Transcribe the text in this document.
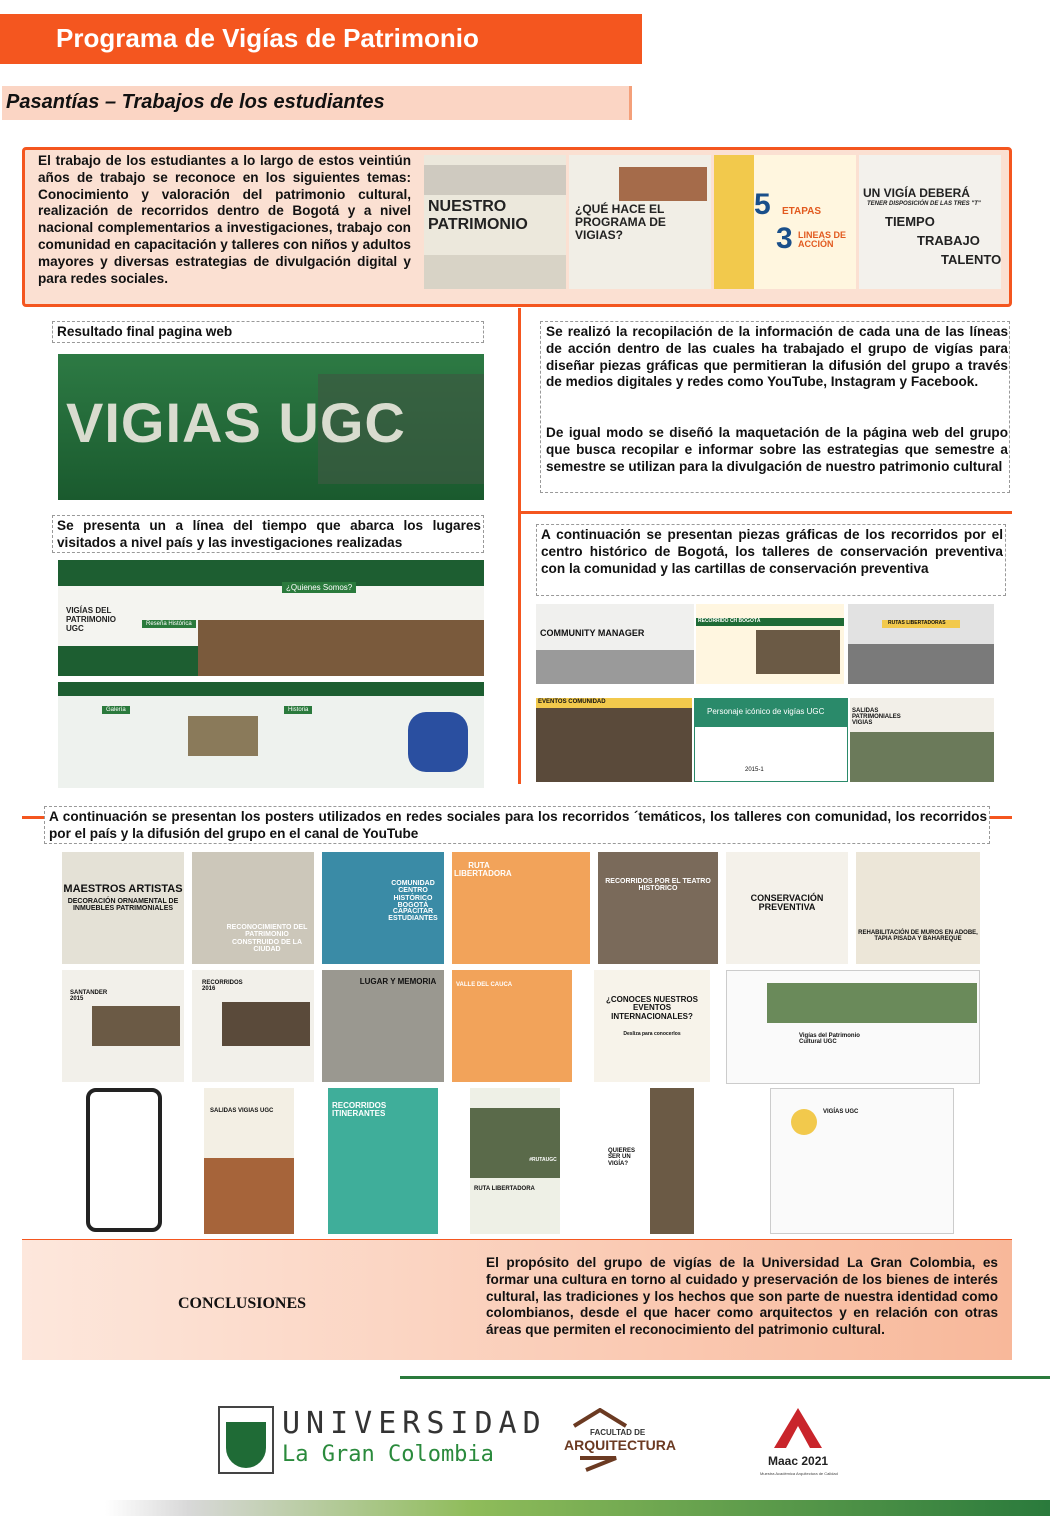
Programa de Vigías de Patrimonio
Pasantías – Trabajos de los estudiantes
El trabajo de los estudiantes a lo largo de estos veintiún años de trabajo se reconoce en los siguientes temas: Conocimiento y valoración del patrimonio cultural, realización de recorridos dentro de Bogotá y a nivel nacional complementarios a investigaciones, trabajo con comunidad en capacitación y talleres con niños y adultos mayores y diversas estrategias de divulgación digital y para redes sociales.
NUESTRO
PATRIMONIO
¿QUÉ HACE EL
PROGRAMA DE
VIGIAS?
5 ETAPAS
3 LINEAS DE ACCIÓN
UN VIGÍA DEBERÁ
TENER DISPOSICIÓN DE LAS TRES "T"
TIEMPO
TRABAJO
TALENTO
Resultado final pagina web
VIGIAS UGC
Se realizó la recopilación de la información de cada una de las líneas de acción dentro de las cuales ha trabajado el grupo de vigías para diseñar piezas gráficas que permitieran la difusión del grupo a través de medios digitales y redes como YouTube, Instagram y Facebook.
De igual modo se diseñó la maquetación de la página web del grupo que busca recopilar e informar sobre las estrategias que semestre a semestre se utilizan para la divulgación de nuestro patrimonio cultural
Se presenta un a línea del tiempo que abarca los lugares visitados a nivel país y las investigaciones realizadas
VIGÍAS DEL PATRIMONIO UGC
¿Quienes Somos?
Reseña Histórica
Galería	Historia
A continuación se presentan piezas gráficas de los recorridos por el centro histórico de Bogotá, los talleres de conservación preventiva con la comunidad y las cartillas de conservación preventiva
COMMUNITY MANAGER
RECORRIDO CH BOGOTÁ	RUTAS LIBERTADORAS
EVENTOS COMUNIDAD
Personaje icónico de vigías UGC
2015-1
SALIDAS PATRIMONIALES VIGIAS
A continuación se presentan los posters utilizados en redes sociales para los recorridos ´temáticos, los talleres con comunidad, los recorridos por el país y la difusión del grupo en el canal de YouTube
MAESTROS ARTISTAS
DECORACIÓN ORNAMENTAL DE INMUEBLES PATRIMONIALES
RECONOCIMIENTO DEL PATRIMONIO CONSTRUIDO DE LA CIUDAD
COMUNIDAD CENTRO HISTÓRICO BOGOTÁ
CAPACITAR ESTUDIANTES
RUTA LIBERTADORA
RECORRIDOS POR EL TEATRO HISTÓRICO
CONSERVACIÓN PREVENTIVA
REHABILITACIÓN DE MUROS EN ADOBE, TAPIA PISADA Y BAHAREQUE
SANTANDER 2015
RECORRIDOS 2016
LUGAR Y MEMORIA	VALLE DEL CAUCA
¿CONOCES NUESTROS EVENTOS INTERNACIONALES?
Desliza para conocerlos	Vigías del Patrimonio Cultural UGC
SALIDAS VIGIAS UGC
RECORRIDOS ITINERANTES
#RUTAUGC
RUTA LIBERTADORA
QUIERES SER UN VIGÍA?
VIGÍAS UGC
CONCLUSIONES
El propósito del grupo de vigías de la Universidad La Gran Colombia, es formar una cultura en torno al cuidado y preservación de los bienes de interés cultural, las tradiciones y los hechos que son parte de nuestra identidad como colombianos, desde el que hacer como arquitectos y en relación con otras áreas que permiten el reconocimiento del patrimonio cultural.
UNIVERSIDAD
La Gran Colombia
FACULTAD DE
ARQUITECTURA
Maac 2021
Muestra Académica Arquitectura de Calidad
